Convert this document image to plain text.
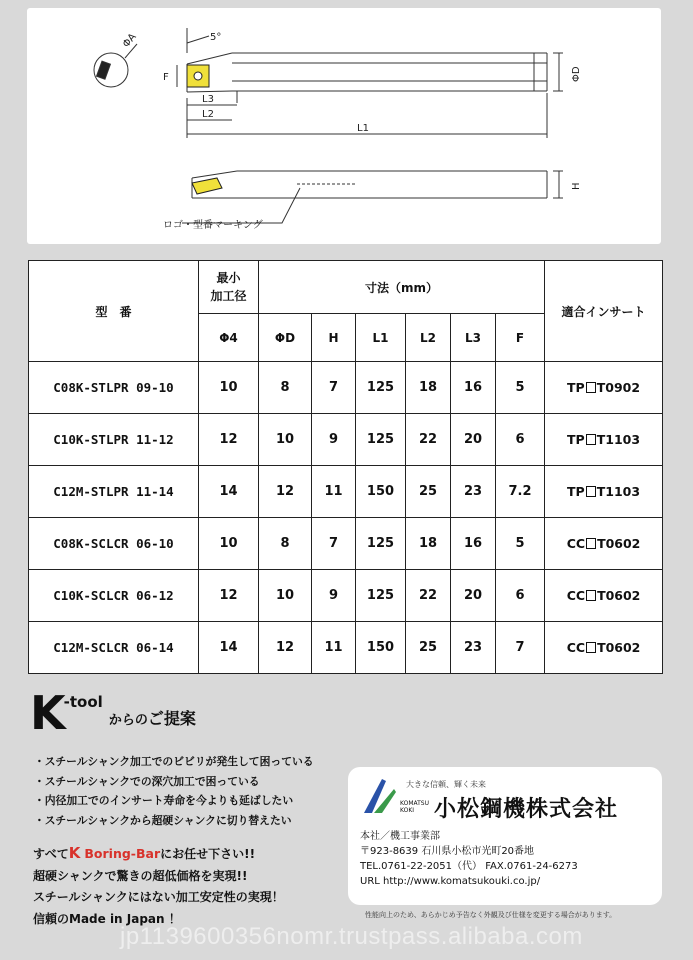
ΦA	5°
F
L3
L2
L1
ΦD
H
ロゴ・型番マーキング
型　番	最小
加工径	寸法（mm）						適合インサート
	Φ4	ΦD	H	L1	L2	L3	F	
C08K-STLPR 09-10	10	8	7	125	18	16	5	TP T0902
C10K-STLPR 11-12	12	10	9	125	22	20	6	TP T1103
C12M-STLPR 11-14	14	12	11	150	25	23	7.2	TP T1103
C08K-SCLCR 06-10	10	8	7	125	18	16	5	CC T0602
C10K-SCLCR 06-12	12	10	9	125	22	20	6	CC T0602
C12M-SCLCR 06-14	14	12	11	150	25	23	7	CC T0602
K -tool
からのご提案
・スチールシャンク加工でのビビリが発生して困っている
・スチールシャンクでの深穴加工で困っている
・内径加工でのインサート寿命を今よりも延ばしたい
・スチールシャンクから超硬シャンクに切り替えたい
すべてK Boring-Barにお任せ下さい!!
超硬シャンクで驚きの超低価格を実現!!
スチールシャンクにはない加工安定性の実現！
信頼のMade in Japan ！
大きな信頼、輝く未来
KOMATSU KOKI 小松鋼機株式会社
本社／機工事業部
〒923-8639 石川県小松市光町20番地
TEL.0761-22-2051（代） FAX.0761-24-6273
URL http://www.komatsukouki.co.jp/
性能向上のため、あらかじめ予告なく外観及び仕様を変更する場合があります。
jp1139600356nomr.trustpass.alibaba.com
